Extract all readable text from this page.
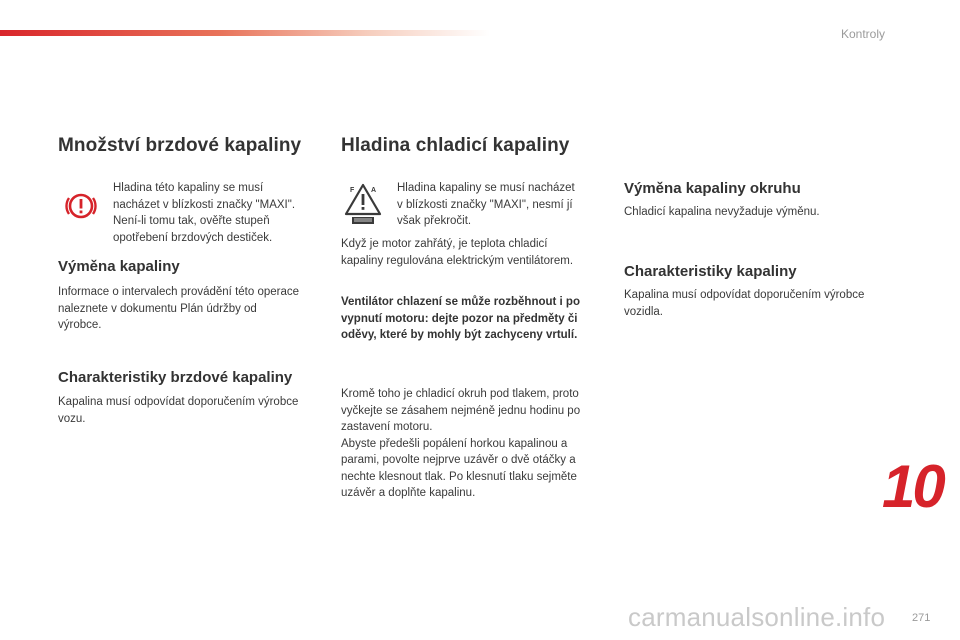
Kontroly
Množství brzdové kapaliny

Hladina této kapaliny se musí

nacházet v blízkosti značky "MAXI".

Není-li tomu tak, ověřte stupeň

opotřebení brzdových destiček.

Výměna kapaliny

Informace o intervalech provádění této operace

naleznete v dokumentu Plán údržby od

výrobce.

Charakteristiky brzdové kapaliny

Kapalina musí odpovídat doporučením výrobce

vozu.

Hladina chladicí kapaliny
F A Hladina kapaliny se musí nacházet

v blízkosti značky "MAXI", nesmí jí

však překročit.

Když je motor zahřátý, je teplota chladicí

kapaliny regulována elektrickým ventilátorem.

Ventilátor chlazení se může rozběhnout i po

vypnutí motoru: dejte pozor na předměty či

oděvy, které by mohly být zachyceny vrtulí.

Kromě toho je chladicí okruh pod tlakem, proto

vyčkejte se zásahem nejméně jednu hodinu po

zastavení motoru.

Abyste předešli popálení horkou kapalinou a

parami, povolte nejprve uzávěr o dvě otáčky a

nechte klesnout tlak. Po klesnutí tlaku sejměte

uzávěr a doplňte kapalinu.

Výměna kapaliny okruhu

Chladicí kapalina nevyžaduje výměnu.

Charakteristiky kapaliny

Kapalina musí odpovídat doporučením výrobce

vozidla.

10
271
carmanualsonline.info
